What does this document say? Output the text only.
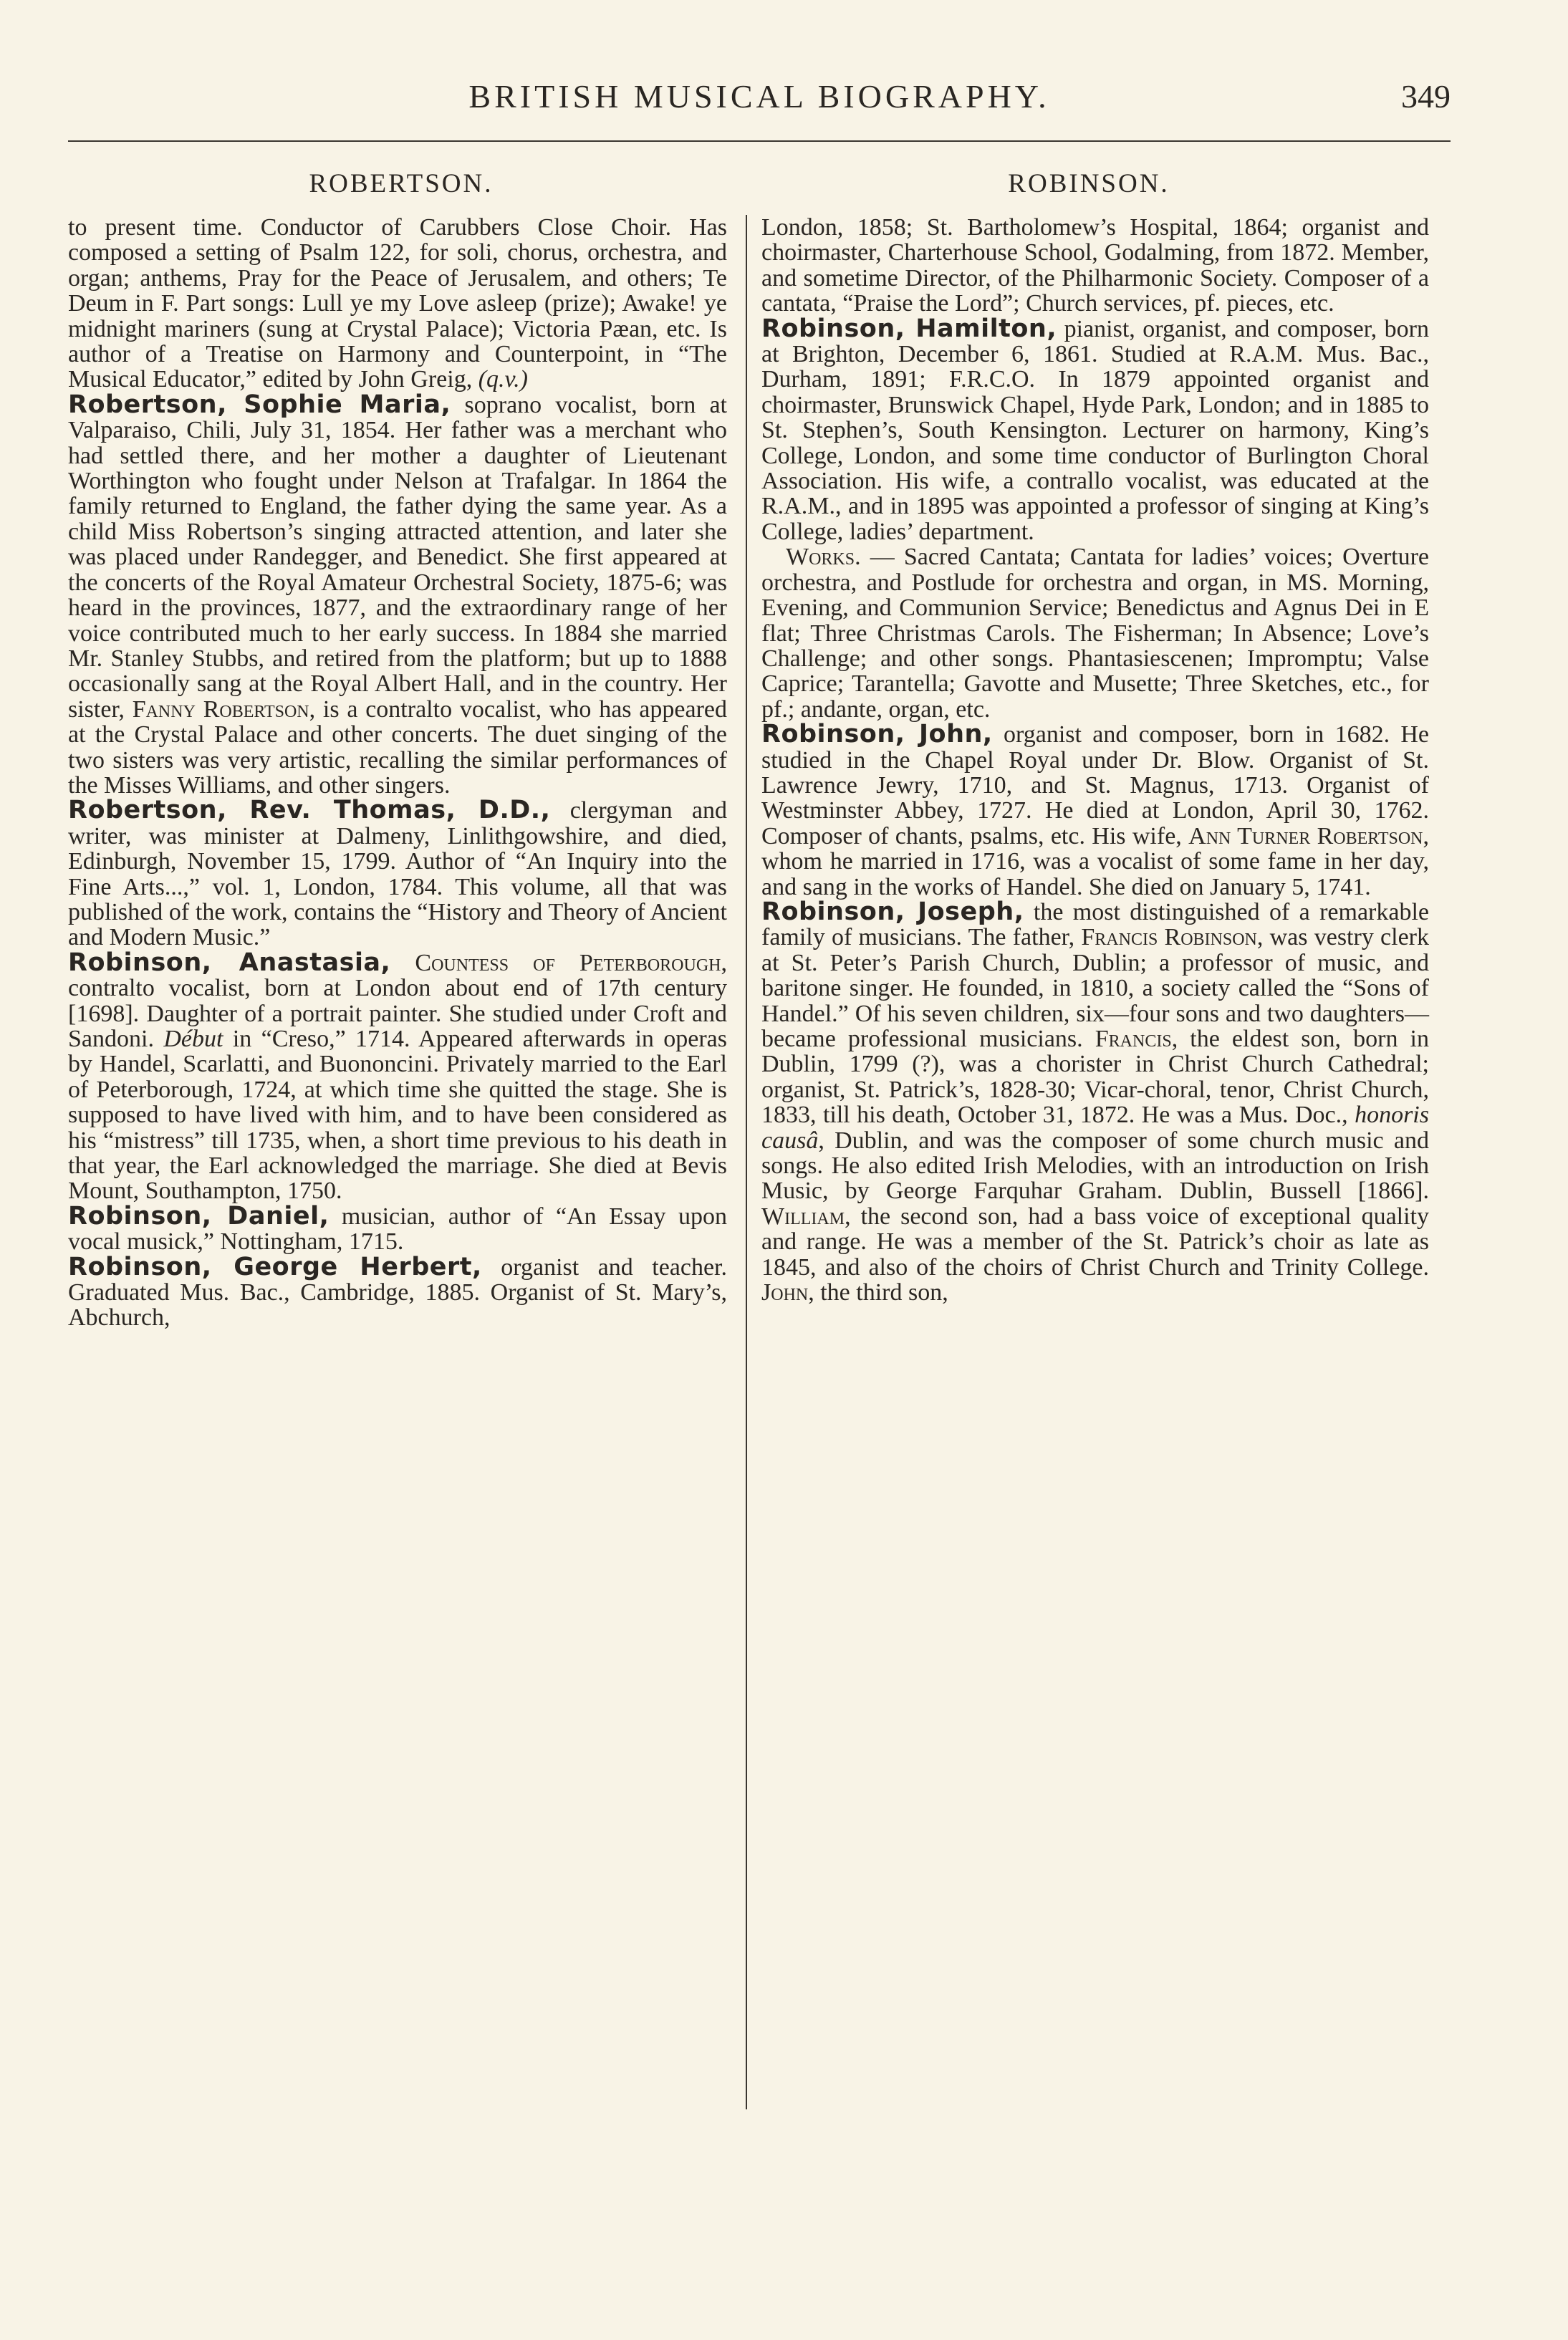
BRITISH MUSICAL BIOGRAPHY.	349
ROBERTSON.	ROBINSON.

to present time. Conductor of Carubbers Close Choir. Has composed a setting of Psalm 122, for soli, chorus, orchestra, and organ; anthems, Pray for the Peace of Jerusalem, and others; Te Deum in F. Part songs: Lull ye my Love asleep (prize); Awake! ye midnight mariners (sung at Crystal Palace); Victoria Pæan, etc. Is author of a Treatise on Harmony and Counterpoint, in “The Musical Educator,” edited by John Greig, (q.v.)

Robertson, Sophie Maria, soprano vocalist, born at Valparaiso, Chili, July 31, 1854. Her father was a merchant who had settled there, and her mother a daughter of Lieutenant Worthington who fought under Nelson at Trafalgar. In 1864 the family returned to England, the father dying the same year. As a child Miss Robertson’s singing attracted attention, and later she was placed under Randegger, and Benedict. She first appeared at the concerts of the Royal Amateur Orchestral Society, 1875-6; was heard in the provinces, 1877, and the extraordinary range of her voice contributed much to her early success. In 1884 she married Mr. Stanley Stubbs, and retired from the platform; but up to 1888 occasionally sang at the Royal Albert Hall, and in the country. Her sister, Fanny Robertson, is a contralto vocalist, who has appeared at the Crystal Palace and other concerts. The duet singing of the two sisters was very artistic, recalling the similar performances of the Misses Williams, and other singers.

Robertson, Rev. Thomas, D.D., clergyman and writer, was minister at Dalmeny, Linlithgowshire, and died, Edinburgh, November 15, 1799. Author of “An Inquiry into the Fine Arts...,” vol. 1, London, 1784. This volume, all that was published of the work, contains the “History and Theory of Ancient and Modern Music.”

Robinson, Anastasia, Countess of Peterborough, contralto vocalist, born at London about end of 17th century [1698]. Daughter of a portrait painter. She studied under Croft and Sandoni. Début in “Creso,” 1714. Appeared afterwards in operas by Handel, Scarlatti, and Buononcini. Privately married to the Earl of Peterborough, 1724, at which time she quitted the stage. She is supposed to have lived with him, and to have been considered as his “mistress” till 1735, when, a short time previous to his death in that year, the Earl acknowledged the marriage. She died at Bevis Mount, Southampton, 1750.

Robinson, Daniel, musician, author of “An Essay upon vocal musick,” Nottingham, 1715.

Robinson, George Herbert, organist and teacher. Graduated Mus. Bac., Cambridge, 1885. Organist of St. Mary’s, Abchurch,

London, 1858; St. Bartholomew’s Hospital, 1864; organist and choirmaster, Charterhouse School, Godalming, from 1872. Member, and sometime Director, of the Philharmonic Society. Composer of a cantata, “Praise the Lord”; Church services, pf. pieces, etc.

Robinson, Hamilton, pianist, organist, and composer, born at Brighton, December 6, 1861. Studied at R.A.M. Mus. Bac., Durham, 1891; F.R.C.O. In 1879 appointed organist and choirmaster, Brunswick Chapel, Hyde Park, London; and in 1885 to St. Stephen’s, South Kensington. Lecturer on harmony, King’s College, London, and some time conductor of Burlington Choral Association. His wife, a contrallo vocalist, was educated at the R.A.M., and in 1895 was appointed a professor of singing at King’s College, ladies’ department.

Works. — Sacred Cantata; Cantata for ladies’ voices; Overture orchestra, and Postlude for orchestra and organ, in MS. Morning, Evening, and Communion Service; Benedictus and Agnus Dei in E flat; Three Christmas Carols. The Fisherman; In Absence; Love’s Challenge; and other songs. Phantasiescenen; Impromptu; Valse Caprice; Tarantella; Gavotte and Musette; Three Sketches, etc., for pf.; andante, organ, etc.

Robinson, John, organist and composer, born in 1682. He studied in the Chapel Royal under Dr. Blow. Organist of St. Lawrence Jewry, 1710, and St. Magnus, 1713. Organist of Westminster Abbey, 1727. He died at London, April 30, 1762. Composer of chants, psalms, etc. His wife, Ann Turner Robertson, whom he married in 1716, was a vocalist of some fame in her day, and sang in the works of Handel. She died on January 5, 1741.

Robinson, Joseph, the most distinguished of a remarkable family of musicians. The father, Francis Robinson, was vestry clerk at St. Peter’s Parish Church, Dublin; a professor of music, and baritone singer. He founded, in 1810, a society called the “Sons of Handel.” Of his seven children, six—four sons and two daughters—became professional musicians. Francis, the eldest son, born in Dublin, 1799 (?), was a chorister in Christ Church Cathedral; organist, St. Patrick’s, 1828-30; Vicar-choral, tenor, Christ Church, 1833, till his death, October 31, 1872. He was a Mus. Doc., honoris causâ, Dublin, and was the composer of some church music and songs. He also edited Irish Melodies, with an introduction on Irish Music, by George Farquhar Graham. Dublin, Bussell [1866]. William, the second son, had a bass voice of exceptional quality and range. He was a member of the St. Patrick’s choir as late as 1845, and also of the choirs of Christ Church and Trinity College. John, the third son,
